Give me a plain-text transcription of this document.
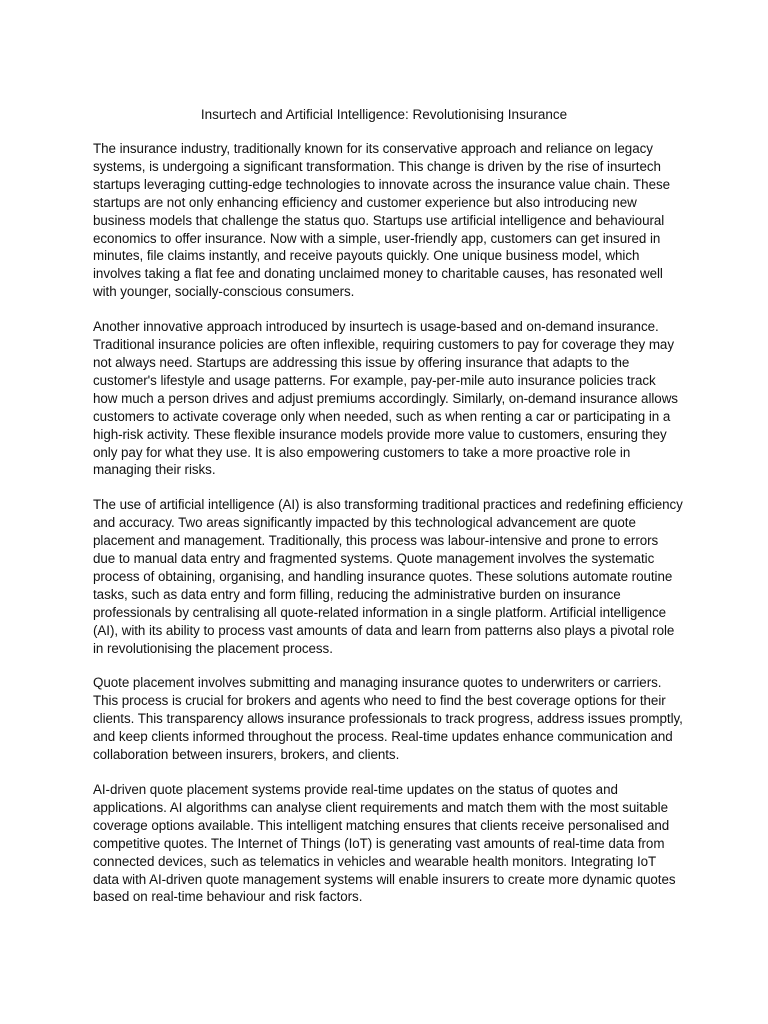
Insurtech and Artificial Intelligence: Revolutionising Insurance

The insurance industry, traditionally known for its conservative approach and reliance on legacy systems, is undergoing a significant transformation. This change is driven by the rise of insurtech startups leveraging cutting-edge technologies to innovate across the insurance value chain. These startups are not only enhancing efficiency and customer experience but also introducing new business models that challenge the status quo. Startups use artificial intelligence and behavioural economics to offer insurance. Now with a simple, user-friendly app, customers can get insured in minutes, file claims instantly, and receive payouts quickly. One unique business model, which involves taking a flat fee and donating unclaimed money to charitable causes, has resonated well with younger, socially-conscious consumers.

Another innovative approach introduced by insurtech is usage-based and on-demand insurance. Traditional insurance policies are often inflexible, requiring customers to pay for coverage they may not always need. Startups are addressing this issue by offering insurance that adapts to the customer's lifestyle and usage patterns. For example, pay-per-mile auto insurance policies track how much a person drives and adjust premiums accordingly. Similarly, on-demand insurance allows customers to activate coverage only when needed, such as when renting a car or participating in a high-risk activity. These flexible insurance models provide more value to customers, ensuring they only pay for what they use. It is also empowering customers to take a more proactive role in managing their risks.

The use of artificial intelligence (AI) is also transforming traditional practices and redefining efficiency and accuracy. Two areas significantly impacted by this technological advancement are quote placement and management. Traditionally, this process was labour-intensive and prone to errors due to manual data entry and fragmented systems. Quote management involves the systematic process of obtaining, organising, and handling insurance quotes. These solutions automate routine tasks, such as data entry and form filling, reducing the administrative burden on insurance professionals by centralising all quote-related information in a single platform. Artificial intelligence (AI), with its ability to process vast amounts of data and learn from patterns also plays a pivotal role in revolutionising the placement process.

Quote placement involves submitting and managing insurance quotes to underwriters or carriers. This process is crucial for brokers and agents who need to find the best coverage options for their clients. This transparency allows insurance professionals to track progress, address issues promptly, and keep clients informed throughout the process. Real-time updates enhance communication and collaboration between insurers, brokers, and clients.

AI-driven quote placement systems provide real-time updates on the status of quotes and applications. AI algorithms can analyse client requirements and match them with the most suitable coverage options available. This intelligent matching ensures that clients receive personalised and competitive quotes. The Internet of Things (IoT) is generating vast amounts of real-time data from connected devices, such as telematics in vehicles and wearable health monitors. Integrating IoT data with AI-driven quote management systems will enable insurers to create more dynamic quotes based on real-time behaviour and risk factors.
